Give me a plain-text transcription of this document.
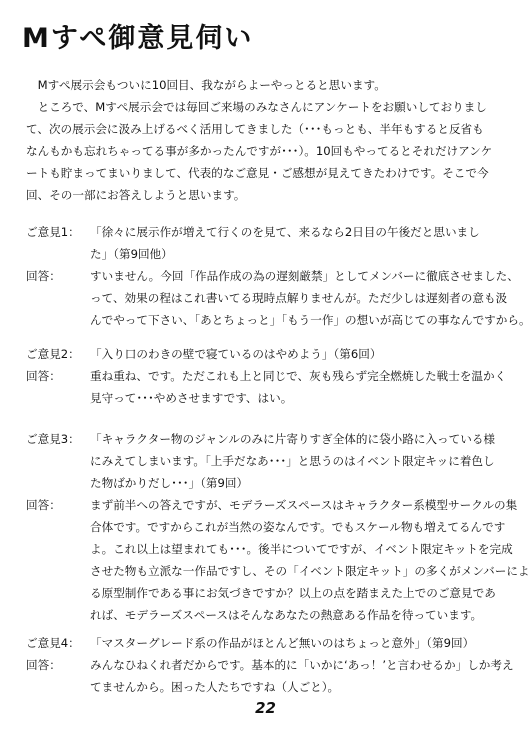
Mすぺ御意見伺い

Mすぺ展示会もついに10回目、我ながらよーやっとると思います。

ところで、Mすぺ展示会では毎回ご来場のみなさんにアンケートをお願いしておりまし

て、次の展示会に汲み上げるべく活用してきました（･･･もっとも、半年もすると反省も

なんもかも忘れちゃってる事が多かったんですが･･･）。10回もやってるとそれだけアンケ

ートも貯まってまいりまして、代表的なご意見・ご感想が見えてきたわけです。そこで今

回、その一部にお答えしようと思います。

ご意見1： 「徐々に展示作が増えて行くのを見て、来るなら2日目の午後だと思いまし
た」（第9回他）
回答：	すいません。今回「作品作成の為の遅刻厳禁」としてメンバーに徹底させました、
って、効果の程はこれ書いてる現時点解りませんが。ただ少しは遅刻者の意も汲
んでやって下さい、「あとちょっと」「もう一作」の想いが高じての事なんですから。
ご意見2： 「入り口のわきの壁で寝ているのはやめよう」（第6回）
回答：	重ね重ね、です。ただこれも上と同じで、灰も残らず完全燃焼した戦士を温かく
見守って･･･やめさせますです、はい。
ご意見3： 「キャラクター物のジャンルのみに片寄りすぎ全体的に袋小路に入っている様
にみえてしまいます。「上手だなあ･･･」と思うのはイベント限定キッに着色し
た物ばかりだし･･･」（第9回）
回答：	まず前半への答えですが、モデラーズスペースはキャラクター系模型サークルの集
合体です。ですからこれが当然の姿なんです。でもスケール物も増えてるんです
よ。これ以上は望まれても･･･。後半についてですが、イベント限定キットを完成
させた物も立派な一作品ですし、その「イベント限定キット」の多くがメンバーによ
る原型制作である事にお気づきですか？以上の点を踏まえた上でのご意見であ
れば、モデラーズスペースはそんなあなたの熱意ある作品を待っています。
ご意見4： 「マスターグレード系の作品がほとんど無いのはちょっと意外」（第9回）
回答：	みんなひねくれ者だからです。基本的に「いかに‘あっ！’と言わせるか」しか考え
てませんから。困った人たちですね（人ごと）。
22
